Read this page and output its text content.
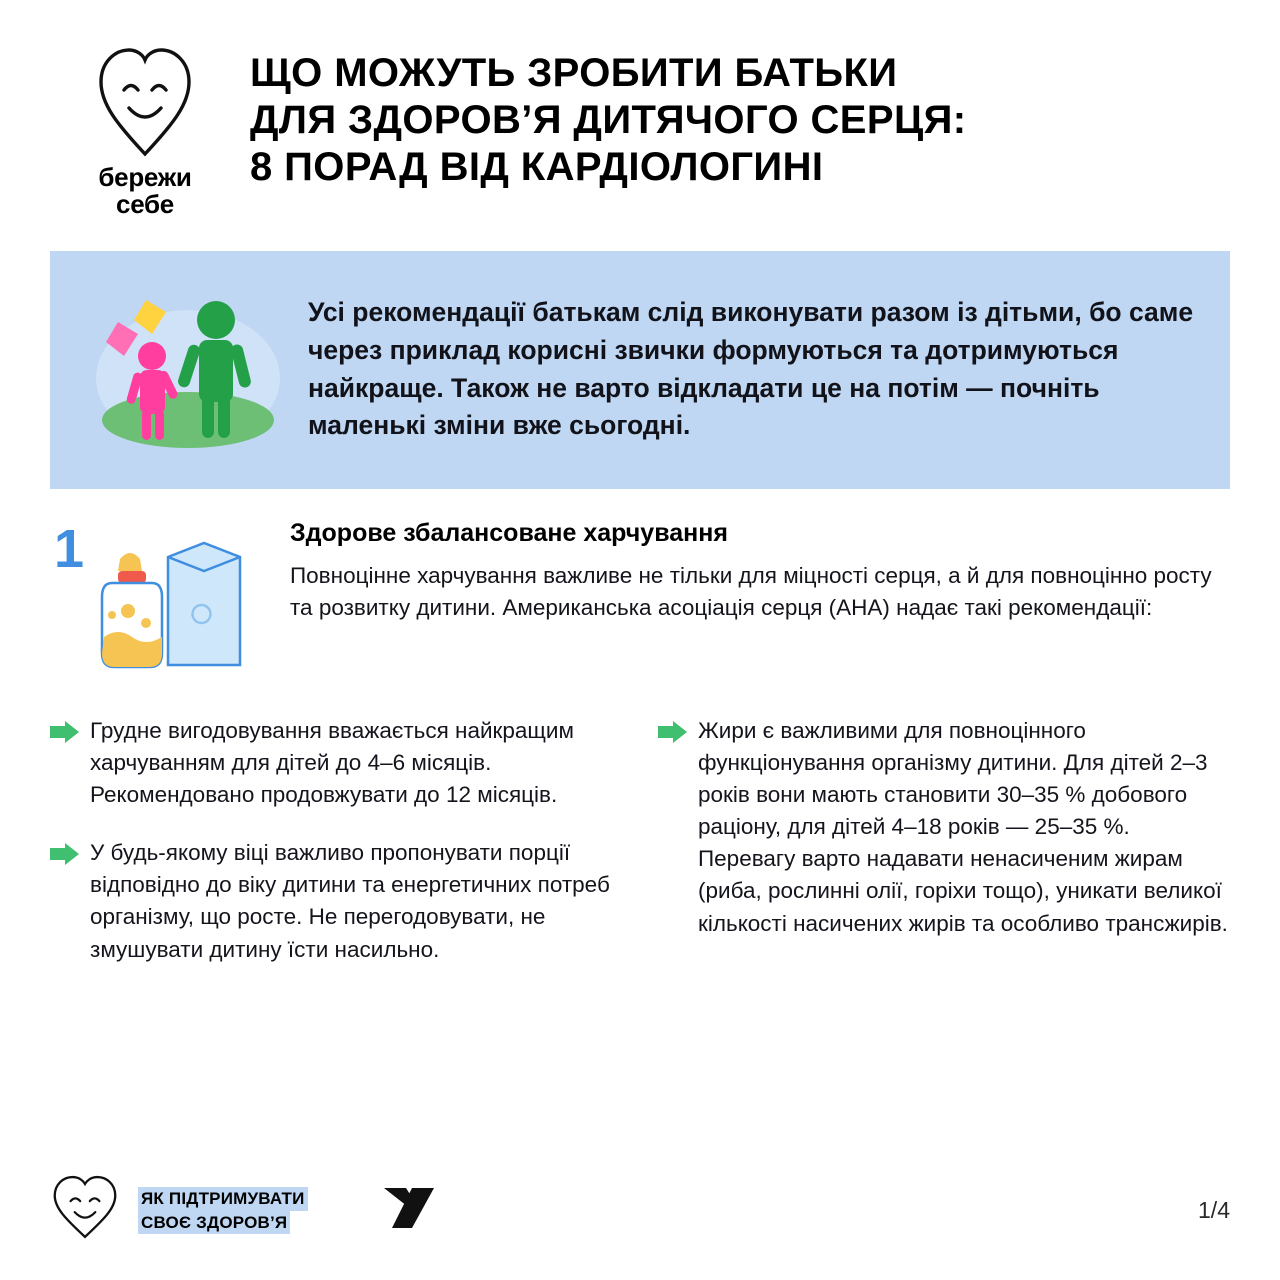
бережи
себе
ЩО МОЖУТЬ ЗРОБИТИ БАТЬКИ
ДЛЯ ЗДОРОВ’Я ДИТЯЧОГО СЕРЦЯ:
8 ПОРАД ВІД КАРДІОЛОГИНІ
Усі рекомендації батькам слід виконувати разом із дітьми, бо саме через приклад корисні звички формуються та дотримуються найкраще. Також не варто відкладати це на потім — почніть маленькі зміни вже сьогодні.
1	Здорове збалансоване харчування
Повноцінне харчування важливе не тільки для міцності серця, а й для повноцінно росту та розвитку дитини. Американська асоціація серця (АНА) надає такі рекомендації:
Грудне вигодовування вважається найкращим харчуванням для дітей до 4–6 місяців. Рекомендовано продовжувати до 12 місяців.
У будь-якому віці важливо пропонувати порції відповідно до віку дитини та енергетичних потреб організму, що росте. Не перегодовувати, не змушувати дитину їсти насильно.
Жири є важливими для повноцінного функціонування організму дитини. Для дітей 2–3 років вони мають становити 30–35 % добового раціону, для дітей 4–18 років — 25–35 %. Перевагу варто надавати ненасиченим жирам (риба, рослинні олії, горіхи тощо), уникати великої кількості насичених жирів та особливо трансжирів.
ЯК ПІДТРИМУВАТИ
СВОЄ ЗДОРОВ’Я	1/4
